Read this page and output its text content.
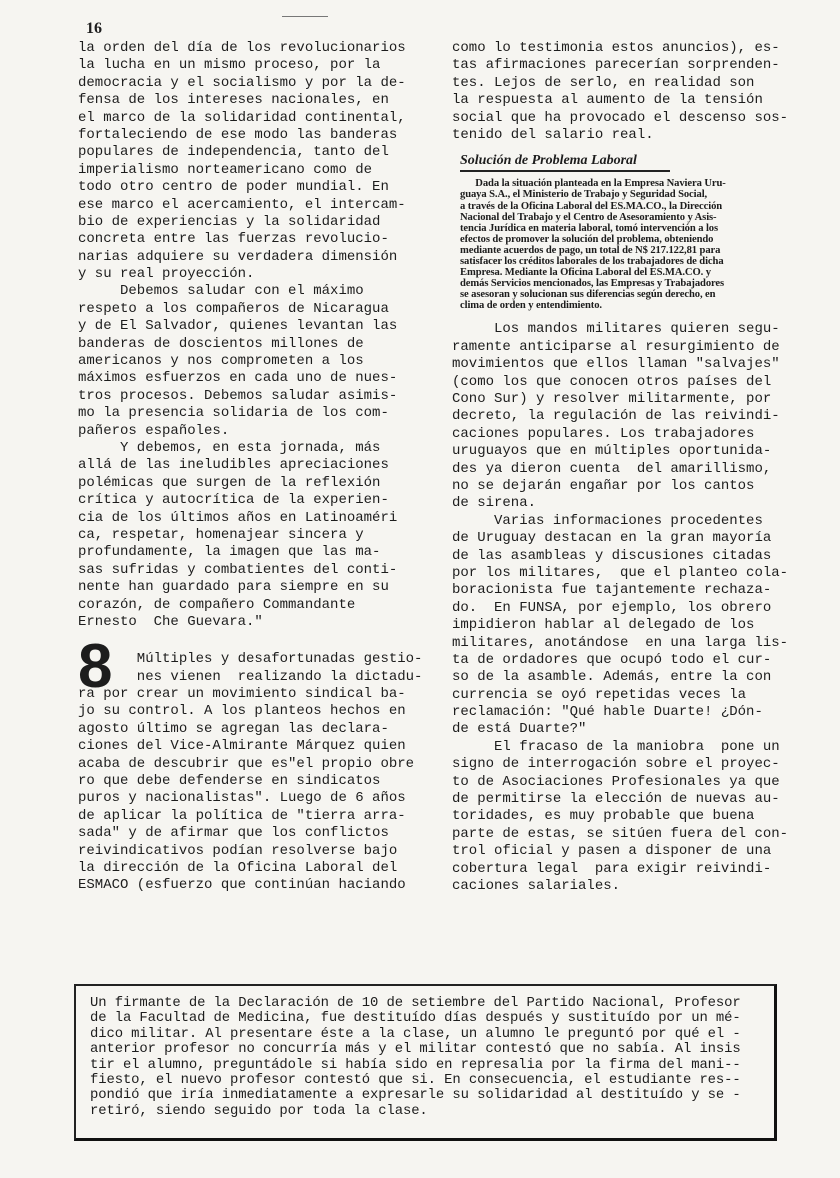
16
la orden del día de los revolucionarios
la lucha en un mismo proceso, por la
democracia y el socialismo y por la de-
fensa de los intereses nacionales, en
el marco de la solidaridad continental,
fortaleciendo de ese modo las banderas
populares de independencia, tanto del
imperialismo norteamericano como de
todo otro centro de poder mundial. En
ese marco el acercamiento, el intercam-
bio de experiencias y la solidaridad
concreta entre las fuerzas revolucio-
narias adquiere su verdadera dimensión
y su real proyección.
Debemos saludar con el máximo
respeto a los compañeros de Nicaragua
y de El Salvador, quienes levantan las
banderas de doscientos millones de
americanos y nos comprometen a los
máximos esfuerzos en cada uno de nues-
tros procesos. Debemos saludar asimis-
mo la presencia solidaria de los com-
pañeros españoles.
Y debemos, en esta jornada, más
allá de las ineludibles apreciaciones
polémicas que surgen de la reflexión
crítica y autocrítica de la experien-
cia de los últimos años en Latinoaméri
ca, respetar, homenajear sincera y
profundamente, la imagen que las ma-
sas sufridas y combatientes del conti-
nente han guardado para siempre en su
corazón, de compañero Commandante
Ernesto  Che Guevara."
8
Múltiples y desafortunadas gestio-
nes vienen  realizando la dictadu-
ra por crear un movimiento sindical ba-
jo su control. A los planteos hechos en
agosto último se agregan las declara-
ciones del Vice-Almirante Márquez quien
acaba de descubrir que es"el propio obre
ro que debe defenderse en sindicatos
puros y nacionalistas". Luego de 6 años
de aplicar la política de "tierra arra-
sada" y de afirmar que los conflictos
reivindicativos podían resolverse bajo
la dirección de la Oficina Laboral del
ESMACO (esfuerzo que continúan haciando
como lo testimonia estos anuncios), es-
tas afirmaciones parecerían sorprenden-
tes. Lejos de serlo, en realidad son
la respuesta al aumento de la tensión
social que ha provocado el descenso sos-
tenido del salario real.
Solución de Problema Laboral
Dada la situación planteada en la Empresa Naviera Uru-
guaya S.A., el Ministerio de Trabajo y Seguridad Social,
a través de la Oficina Laboral del ES.MA.CO., la Dirección
Nacional del Trabajo y el Centro de Asesoramiento y Asis-
tencia Jurídica en materia laboral, tomó intervención a los
efectos de promover la solución del problema, obteniendo
mediante acuerdos de pago, un total de N$ 217.122,81 para
satisfacer los créditos laborales de los trabajadores de dicha
Empresa. Mediante la Oficina Laboral del ES.MA.CO. y
demás Servicios mencionados, las Empresas y Trabajadores
se asesoran y solucionan sus diferencias según derecho, en
clima de orden y entendimiento.
Los mandos militares quieren segu-
ramente anticiparse al resurgimiento de
movimientos que ellos llaman "salvajes"
(como los que conocen otros países del
Cono Sur) y resolver militarmente, por
decreto, la regulación de las reivindi-
caciones populares. Los trabajadores
uruguayos que en múltiples oportunida-
des ya dieron cuenta  del amarillismo,
no se dejarán engañar por los cantos
de sirena.
Varias informaciones procedentes
de Uruguay destacan en la gran mayoría
de las asambleas y discusiones citadas
por los militares,  que el planteo cola-
boracionista fue tajantemente rechaza-
do.  En FUNSA, por ejemplo, los obrero
impidieron hablar al delegado de los
militares, anotándose  en una larga lis-
ta de ordadores que ocupó todo el cur-
so de la asamble. Además, entre la con
currencia se oyó repetidas veces la
reclamación: "Qué hable Duarte! ¿Dón-
de está Duarte?"
El fracaso de la maniobra  pone un
signo de interrogación sobre el proyec-
to de Asociaciones Profesionales ya que
de permitirse la elección de nuevas au-
toridades, es muy probable que buena
parte de estas, se sitúen fuera del con-
trol oficial y pasen a disponer de una
cobertura legal  para exigir reivindi-
caciones salariales.
Un firmante de la Declaración de 10 de setiembre del Partido Nacional, Profesor
de la Facultad de Medicina, fue destituído días después y sustituído por un mé-
dico militar. Al presentare éste a la clase, un alumno le preguntó por qué el -
anterior profesor no concurría más y el militar contestó que no sabía. Al insis
tir el alumno, preguntádole si había sido en represalia por la firma del mani--
fiesto, el nuevo profesor contestó que si. En consecuencia, el estudiante res--
pondió que iría inmediatamente a expresarle su solidaridad al destituído y se -
retiró, siendo seguido por toda la clase.
